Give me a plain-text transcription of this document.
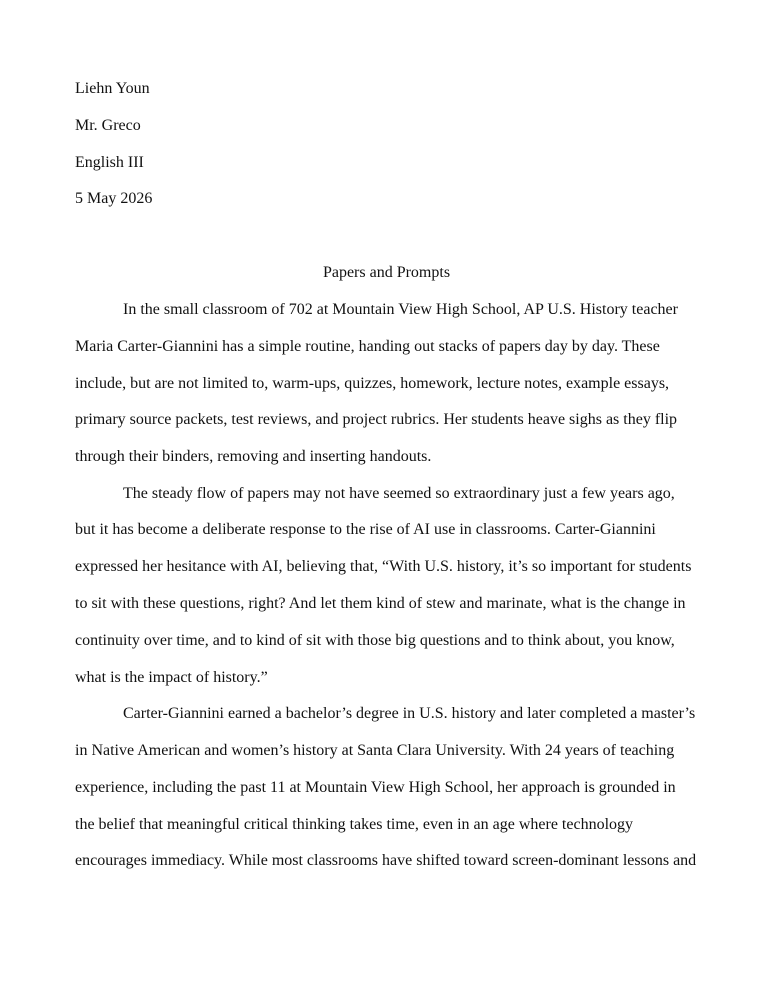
Liehn Youn

Mr. Greco

English III

5 May 2026

Papers and Prompts

In the small classroom of 702 at Mountain View High School, AP U.S. History teacher

Maria Carter-Giannini has a simple routine, handing out stacks of papers day by day. These

include, but are not limited to, warm-ups, quizzes, homework, lecture notes, example essays,

primary source packets, test reviews, and project rubrics. Her students heave sighs as they flip

through their binders, removing and inserting handouts.

The steady flow of papers may not have seemed so extraordinary just a few years ago,

but it has become a deliberate response to the rise of AI use in classrooms. Carter-Giannini

expressed her hesitance with AI, believing that, “With U.S. history, it’s so important for students

to sit with these questions, right? And let them kind of stew and marinate, what is the change in

continuity over time, and to kind of sit with those big questions and to think about, you know,

what is the impact of history.”

Carter-Giannini earned a bachelor’s degree in U.S. history and later completed a master’s

in Native American and women’s history at Santa Clara University. With 24 years of teaching

experience, including the past 11 at Mountain View High School, her approach is grounded in

the belief that meaningful critical thinking takes time, even in an age where technology

encourages immediacy. While most classrooms have shifted toward screen-dominant lessons and
